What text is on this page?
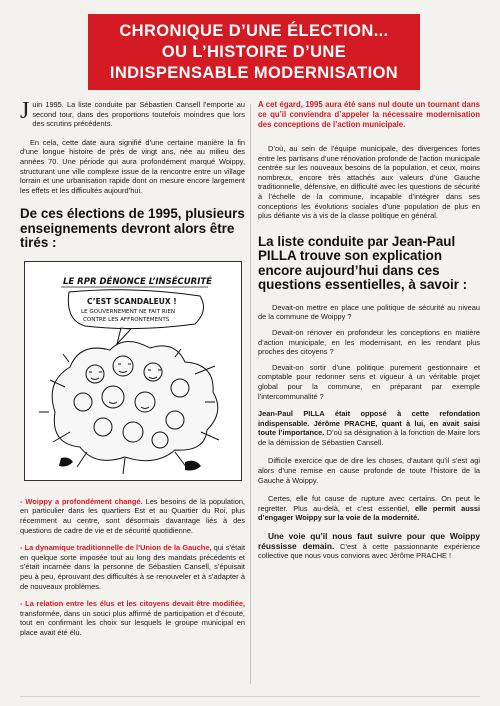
CHRONIQUE D’UNE ÉLECTION...
OU L’HISTOIRE D’UNE
INDISPENSABLE MODERNISATION

Juin 1995. La liste conduite par Sébastien Cansell l’emporte au second tour, dans des proportions toutefois moindres que lors des scrutins précédents.

En cela, cette date aura signifié d’une certaine manière la fin d’une longue histoire de près de vingt ans, née au milieu des années 70. Une période qui aura profondément marqué Woippy, structurant une ville complexe issue de la rencontre entre un village lorrain et une urbanisation rapide dont on mesure encore largement les effets et les difficultés aujourd’hui.

De ces élections de 1995, plusieurs enseignements devront alors être tirés :
LE RPR DÉNONCE L’INSÉCURITÉ
C’EST SCANDALEUX !
LE GOUVERNEMENT NE FAIT RIEN
CONTRE LES AFFRONTEMENTS

- Woippy a profondément changé. Les besoins de la population, en particulier dans les quartiers Est et au Quartier du Roi, plus récemment au centre, sont désormais davantage liés à des questions de cadre de vie et de sécurité quotidienne.

- La dynamique traditionnelle de l’Union de la Gauche, qui s’était en quelque sorte imposée tout au long des mandats précédents et s’était incarnée dans la personne de Sébastien Cansell, s’épuisait peu à peu, éprouvant des difficultés à se renouveler et à s’adapter à de nouveaux problèmes.

- La relation entre les élus et les citoyens devait être modifiée, transformée, dans un souci plus affirmé de participation et d’écoute, tout en confirmant les choix sur lesquels le groupe municipal en place avait été élu.

A cet égard, 1995 aura été sans nul doute un tournant dans ce qu’il conviendra d’appeler la nécessaire modernisation des conceptions de l’action municipale.

D’où, au sein de l’équipe municipale, des divergences fortes entre les partisans d’une rénovation profonde de l’action municipale centrée sur les nouveaux besoins de la population, et ceux, moins nombreux, encore très attachés aux valeurs d’une Gauche traditionnelle, défensive, en difficulté avec les questions de sécurité à l’échelle de la commune, incapable d’intégrer dans ses conceptions les évolutions sociales d’une population de plus en plus défiante vis à vis de la classe politique en général.

La liste conduite par Jean-Paul PILLA trouve son explication encore aujourd’hui dans ces questions essentielles, à savoir :

Devait-on mettre en place une politique de sécurité au niveau de la commune de Woippy ?

Devait-on rénover en profondeur les conceptions en matière d’action municipale, en les modernisant, en les rendant plus proches des citoyens ?

Devait-on sortir d’une politique purement gestionnaire et comptable pour redonner sens et vigueur à un véritable projet global pour la commune, en préparant par exemple l’intercommunalité ?

Jean-Paul PILLA était opposé à cette refondation indispensable. Jérôme PRACHE, quant à lui, en avait saisi toute l’importance. D’où sa désignation à la fonction de Maire lors de la démission de Sébastien Cansell.

Difficile exercice que de dire les choses, d’autant qu’il s’est agi alors d’une remise en cause profonde de toute l’histoire de la Gauche à Woippy.

Certes, elle fut cause de rupture avec certains. On peut le regretter. Plus au-delà, et c’est essentiel, elle permit aussi d’engager Woippy sur la voie de la modernité.

Une voie qu’il nous faut suivre pour que Woippy réussisse demain. C’est à cette passionnante expérience collective que nous vous convions avec Jérôme PRACHE !
